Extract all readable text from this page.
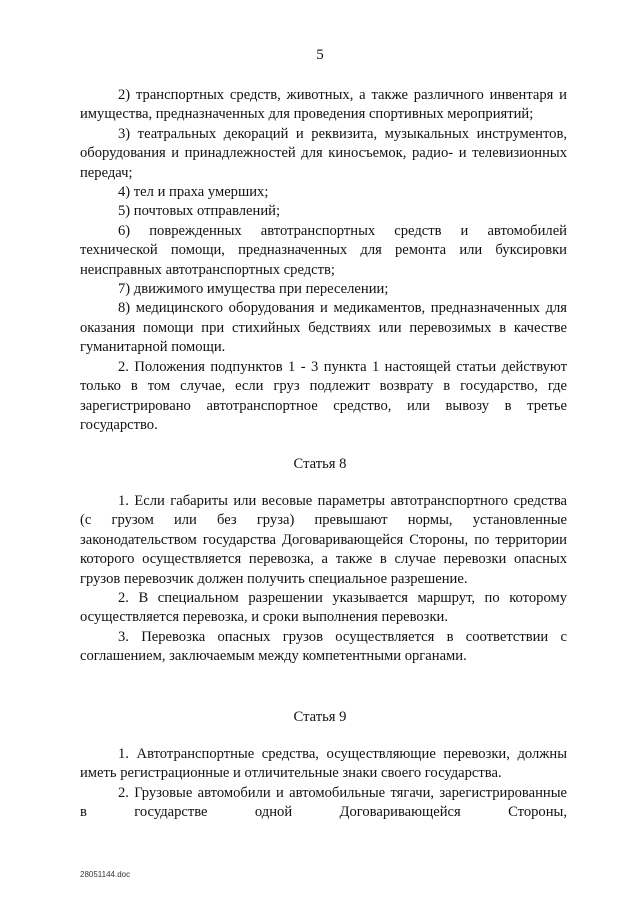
5

2) транспортных средств, животных, а также различного инвентаря и имущества, предназначенных для проведения спортивных мероприятий;

3) театральных декораций и реквизита, музыкальных инструментов, оборудования и принадлежностей для киносъемок, радио- и телевизионных передач;

4) тел и праха умерших;

5) почтовых отправлений;

6) поврежденных автотранспортных средств и автомобилей технической помощи, предназначенных для ремонта или буксировки неисправных автотранспортных средств;

7) движимого имущества при переселении;

8) медицинского оборудования и медикаментов, предназначенных для оказания помощи при стихийных бедствиях или перевозимых в качестве гуманитарной помощи.

2. Положения подпунктов 1 - 3 пункта 1 настоящей статьи действуют только в том случае, если груз подлежит возврату в государство, где зарегистрировано автотранспортное средство, или вывозу в третье государство.

Статья 8

1. Если габариты или весовые параметры автотранспортного средства (с грузом или без груза) превышают нормы, установленные законодательством государства Договаривающейся Стороны, по территории которого осуществляется перевозка, а также в случае перевозки опасных грузов перевозчик должен получить специальное разрешение.

2. В специальном разрешении указывается маршрут, по которому осуществляется перевозка, и сроки выполнения перевозки.

3. Перевозка опасных грузов осуществляется в соответствии с соглашением, заключаемым между компетентными органами.

Статья 9

1. Автотранспортные средства, осуществляющие перевозки, должны иметь регистрационные и отличительные знаки своего государства.

2. Грузовые автомобили и автомобильные тягачи, зарегистрированные в государстве одной Договаривающейся Стороны,

28051144.doc
